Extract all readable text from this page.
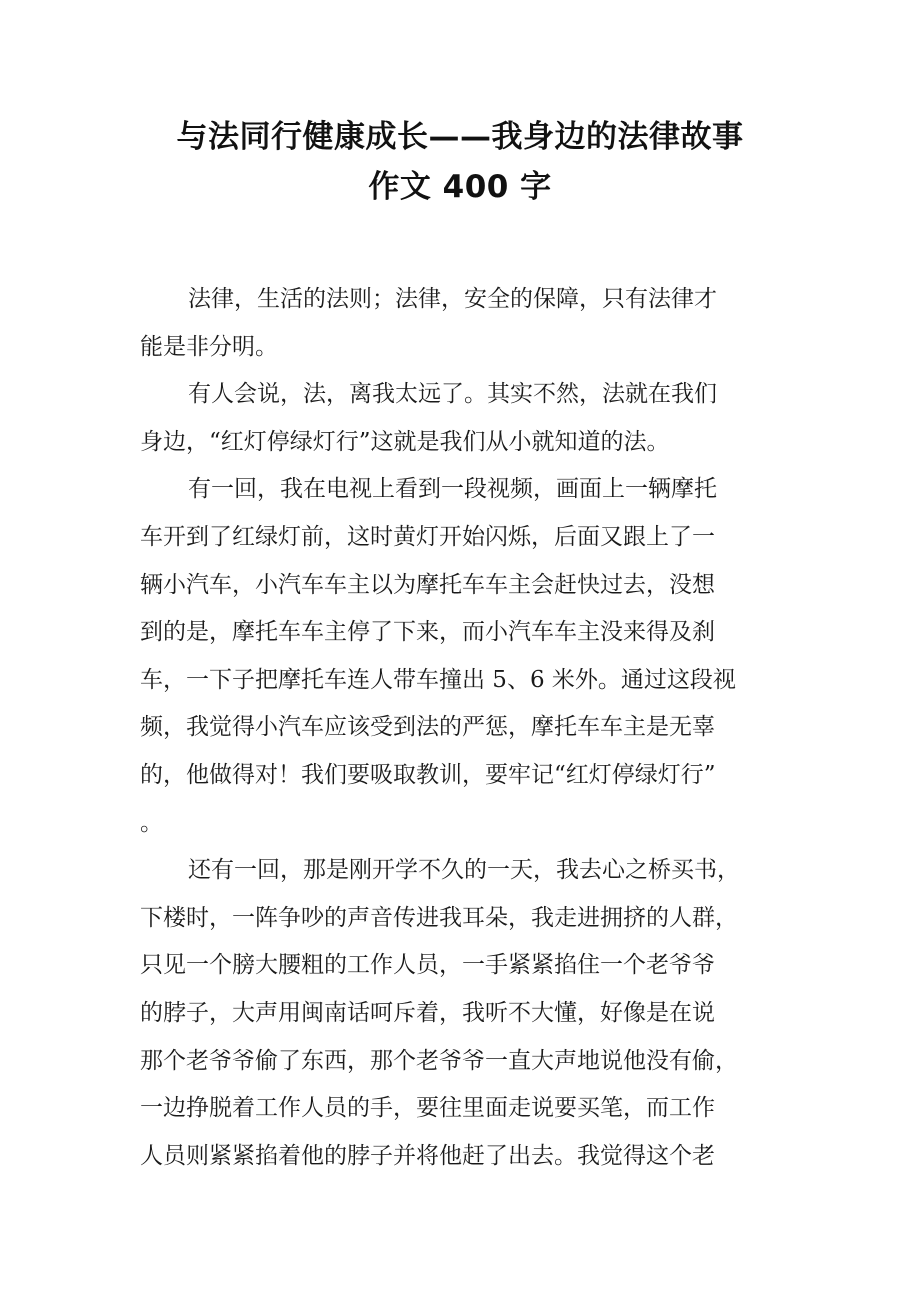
与法同行健康成长——我身边的法律故事
作文 400 字
法律，生活的法则；法律，安全的保障，只有法律才
能是非分明。
有人会说，法，离我太远了。其实不然，法就在我们
身边，“红灯停绿灯行”这就是我们从小就知道的法。
有一回，我在电视上看到一段视频，画面上一辆摩托
车开到了红绿灯前，这时黄灯开始闪烁，后面又跟上了一
辆小汽车，小汽车车主以为摩托车车主会赶快过去，没想
到的是，摩托车车主停了下来，而小汽车车主没来得及刹
车，一下子把摩托车连人带车撞出 5、6 米外。通过这段视
频，我觉得小汽车应该受到法的严惩，摩托车车主是无辜
的，他做得对！我们要吸取教训，要牢记“红灯停绿灯行”
。
还有一回，那是刚开学不久的一天，我去心之桥买书，
下楼时，一阵争吵的声音传进我耳朵，我走进拥挤的人群，
只见一个膀大腰粗的工作人员，一手紧紧掐住一个老爷爷
的脖子，大声用闽南话呵斥着，我听不大懂，好像是在说
那个老爷爷偷了东西，那个老爷爷一直大声地说他没有偷，
一边挣脱着工作人员的手，要往里面走说要买笔，而工作
人员则紧紧掐着他的脖子并将他赶了出去。我觉得这个老
